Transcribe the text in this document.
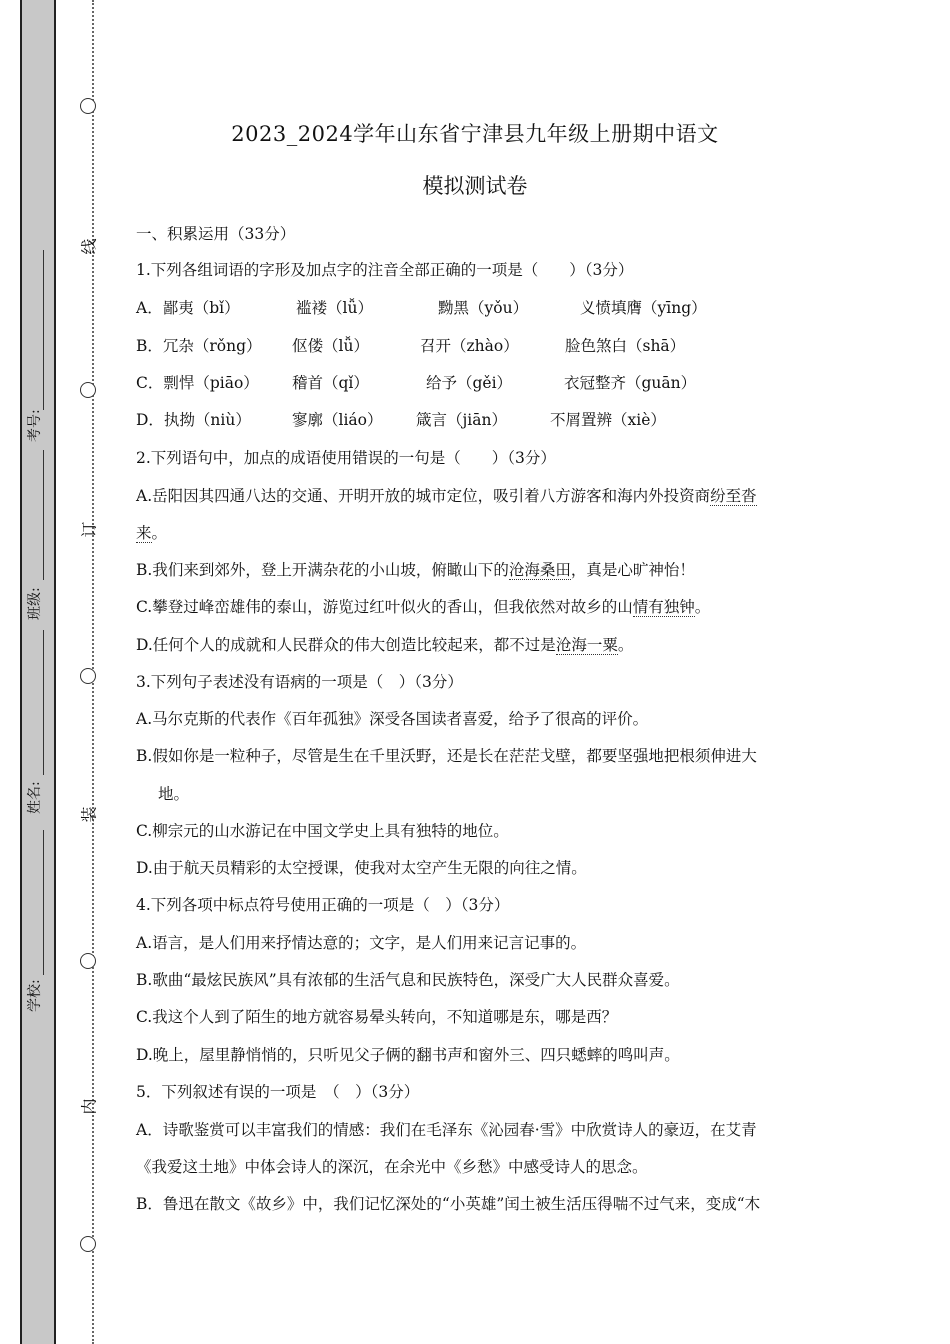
线
订
装
内
考号:
班级:
姓名:
学校:
2023_2024学年山东省宁津县九年级上册期中语文
模拟测试卷
一、积累运用（33分）
1.下列各组词语的字形及加点字的注音全部正确的一项是（　　）（3分）
A．鄙夷（bǐ）	褴褛（lǚ）	黝黑（yǒu）	义愤填膺（yīng）
B．冗杂（rǒng） 伛偻（lǚ）	召开（zhào）	脸色煞白（shā）
C．剽悍（piāo） 稽首（qǐ）	给予（gěi）	衣冠整齐（guān）
D．执拗（niù）	寥廓（liáo） 箴言（jiān）	不屑置辨（xiè）
2.下列语句中，加点的成语使用错误的一句是（　　）（3分）
A.岳阳因其四通八达的交通、开明开放的城市定位，吸引着八方游客和海内外投资商纷至沓
来。
B.我们来到郊外，登上开满杂花的小山坡，俯瞰山下的沧海桑田，真是心旷神怡！
C.攀登过峰峦雄伟的泰山，游览过红叶似火的香山，但我依然对故乡的山情有独钟。
D.任何个人的成就和人民群众的伟大创造比较起来，都不过是沧海一粟。
3.下列句子表述没有语病的一项是（　）（3分）
A.马尔克斯的代表作《百年孤独》深受各国读者喜爱，给予了很高的评价。
B.假如你是一粒种子，尽管是生在千里沃野，还是长在茫茫戈壁，都要坚强地把根须伸进大
地。
C.柳宗元的山水游记在中国文学史上具有独特的地位。
D.由于航天员精彩的太空授课，使我对太空产生无限的向往之情。
4.下列各项中标点符号使用正确的一项是（　）（3分）
A.语言，是人们用来抒情达意的；文字，是人们用来记言记事的。
B.歌曲“最炫民族风”具有浓郁的生活气息和民族特色，深受广大人民群众喜爱。
C.我这个人到了陌生的地方就容易晕头转向，不知道哪是东，哪是西？
D.晚上，屋里静悄悄的，只听见父子俩的翻书声和窗外三、四只蟋蟀的鸣叫声。
5．下列叙述有误的一项是　（　）（3分）
A．诗歌鉴赏可以丰富我们的情感：我们在毛泽东《沁园春·雪》中欣赏诗人的豪迈，在艾青
《我爱这土地》中体会诗人的深沉，在余光中《乡愁》中感受诗人的思念。
B．鲁迅在散文《故乡》中，我们记忆深处的“小英雄”闰土被生活压得喘不过气来，变成“木
